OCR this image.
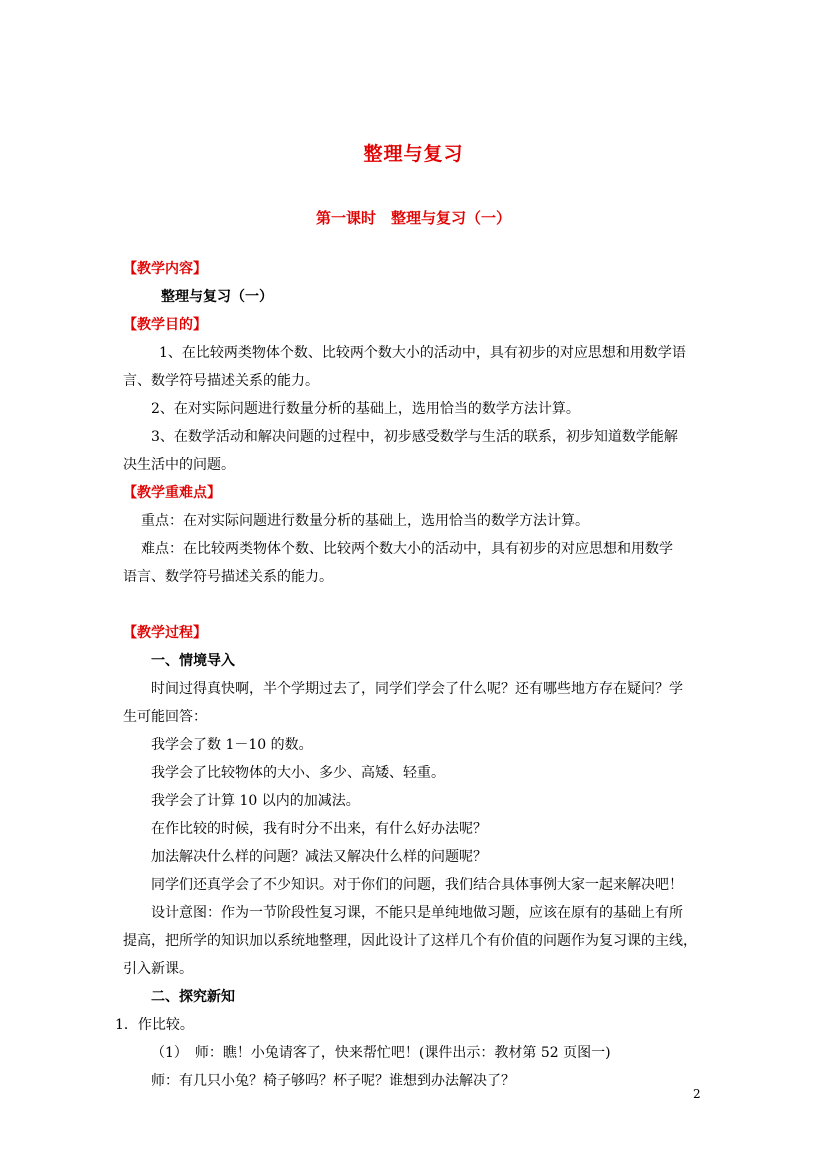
整理与复习
第一课时　整理与复习（一）

【教学内容】

整理与复习（一）

【教学目的】

1、在比较两类物体个数、比较两个数大小的活动中，具有初步的对应思想和用数学语

言、数学符号描述关系的能力。

2、在对实际问题进行数量分析的基础上，选用恰当的数学方法计算。

3、在数学活动和解决问题的过程中，初步感受数学与生活的联系，初步知道数学能解

决生活中的问题。

【教学重难点】

重点：在对实际问题进行数量分析的基础上，选用恰当的数学方法计算。

难点：在比较两类物体个数、比较两个数大小的活动中，具有初步的对应思想和用数学

语言、数学符号描述关系的能力。

【教学过程】

一、情境导入

时间过得真快啊，半个学期过去了，同学们学会了什么呢？还有哪些地方存在疑问？学

生可能回答：

我学会了数 1－10 的数。

我学会了比较物体的大小、多少、高矮、轻重。

我学会了计算 10 以内的加减法。

在作比较的时候，我有时分不出来，有什么好办法呢？

加法解决什么样的问题？减法又解决什么样的问题呢？

同学们还真学会了不少知识。对于你们的问题，我们结合具体事例大家一起来解决吧！

设计意图：作为一节阶段性复习课，不能只是单纯地做习题，应该在原有的基础上有所

提高，把所学的知识加以系统地整理，因此设计了这样几个有价值的问题作为复习课的主线，

引入新课。

二、探究新知

1．作比较。

（1）　师：瞧！小兔请客了，快来帮忙吧！(课件出示：教材第 52 页图一)

师：有几只小兔？椅子够吗？杯子呢？谁想到办法解决了？

2
